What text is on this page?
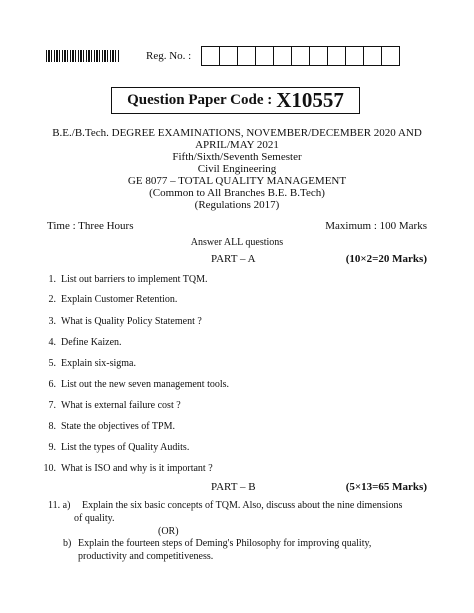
Reg. No. :
Question Paper Code : X10557
B.E./B.Tech. DEGREE EXAMINATIONS, NOVEMBER/DECEMBER 2020 AND
APRIL/MAY 2021
Fifth/Sixth/Seventh Semester
Civil Engineering
GE 8077 – TOTAL QUALITY MANAGEMENT
(Common to All Branches B.E. B.Tech)
(Regulations 2017)
Time : Three Hours	Maximum : 100 Marks
Answer ALL questions
PART – A	(10×2=20 Marks)
1. List out barriers to implement TQM.
2. Explain Customer Retention.
3. What is Quality Policy Statement ?
4. Define Kaizen.
5. Explain six-sigma.
6. List out the new seven management tools.
7. What is external failure cost ?
8. State the objectives of TPM.
9. List the types of Quality Audits.
10. What is ISO and why is it important ?
PART – B	(5×13=65 Marks)
11. a) Explain the six basic concepts of TQM. Also, discuss about the nine dimensions
of quality.
(OR)
b) Explain the fourteen steps of Deming's Philosophy for improving quality,
productivity and competitiveness.
